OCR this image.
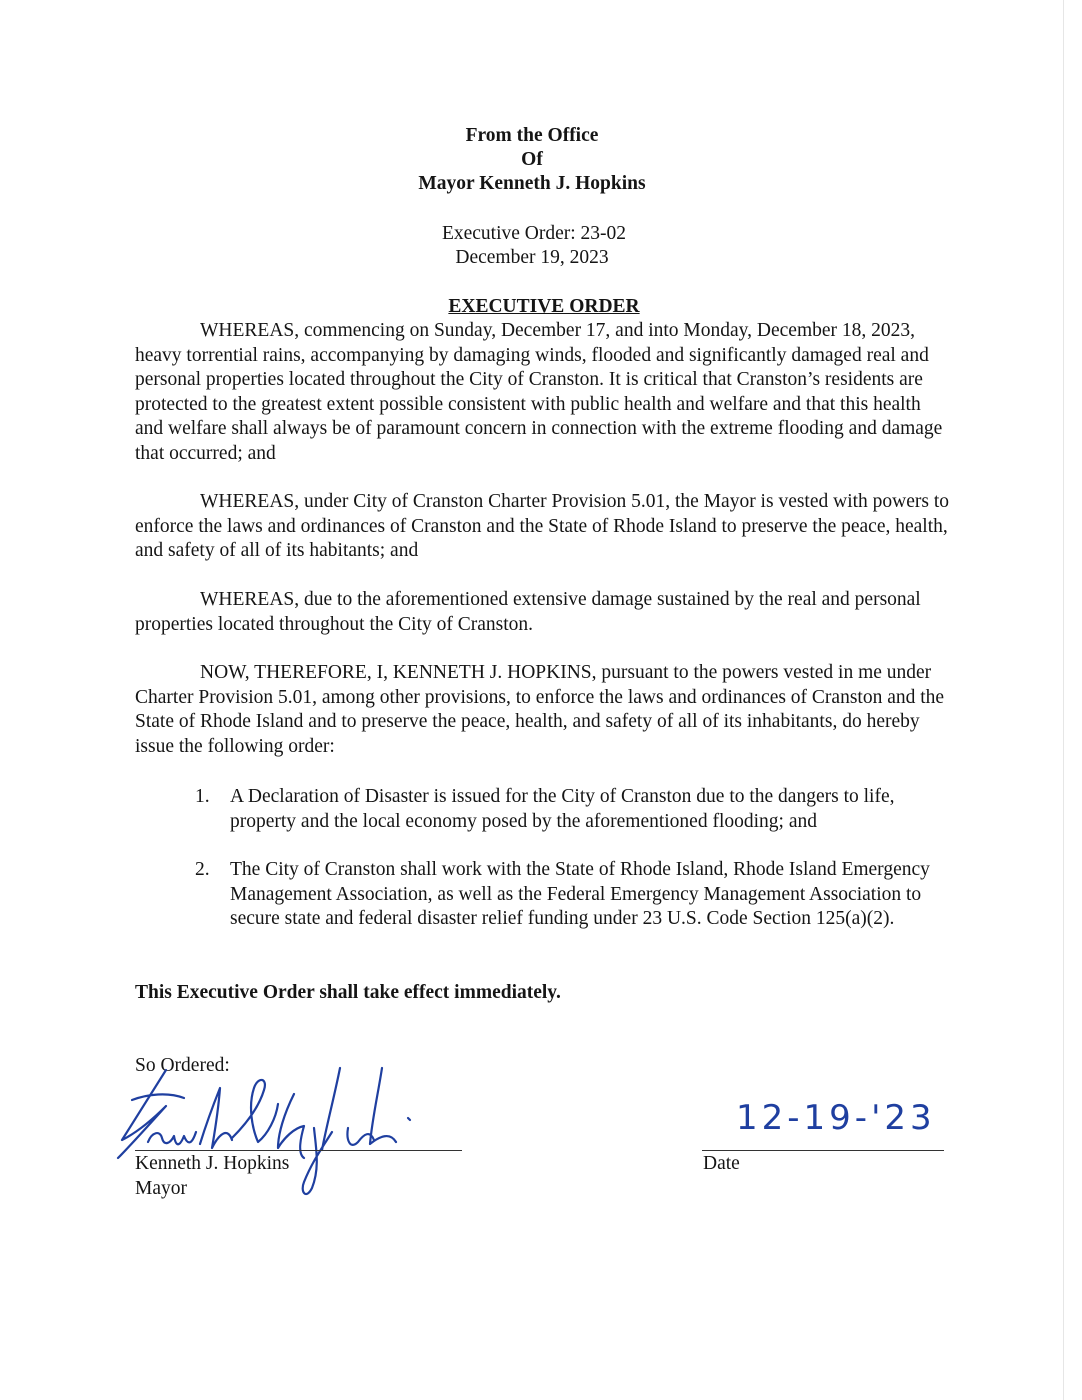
From the Office
Of
Mayor Kenneth J. Hopkins
Executive Order: 23-02
December 19, 2023
EXECUTIVE ORDER
WHEREAS, commencing on Sunday, December 17, and into Monday, December 18, 2023, heavy torrential rains, accompanying by damaging winds, flooded and significantly damaged real and personal properties located throughout the City of Cranston. It is critical that Cranston’s residents are protected to the greatest extent possible consistent with public health and welfare and that this health and welfare shall always be of paramount concern in connection with the extreme flooding and damage that occurred; and
WHEREAS, under City of Cranston Charter Provision 5.01, the Mayor is vested with powers to enforce the laws and ordinances of Cranston and the State of Rhode Island to preserve the peace, health, and safety of all of its habitants; and
WHEREAS, due to the aforementioned extensive damage sustained by the real and personal properties located throughout the City of Cranston.
NOW, THEREFORE, I, KENNETH J. HOPKINS, pursuant to the powers vested in me under Charter Provision 5.01, among other provisions, to enforce the laws and ordinances of Cranston and the State of Rhode Island and to preserve the peace, health, and safety of all of its inhabitants, do hereby issue the following order:
1.	A Declaration of Disaster is issued for the City of Cranston due to the dangers to life, property and the local economy posed by the aforementioned flooding; and
2.	The City of Cranston shall work with the State of Rhode Island, Rhode Island Emergency Management Association, as well as the Federal Emergency Management Association to secure state and federal disaster relief funding under 23 U.S. Code Section 125(a)(2).
This Executive Order shall take effect immediately.
So Ordered:
Kenneth J. Hopkins
Mayor
12-19-'23
Date
